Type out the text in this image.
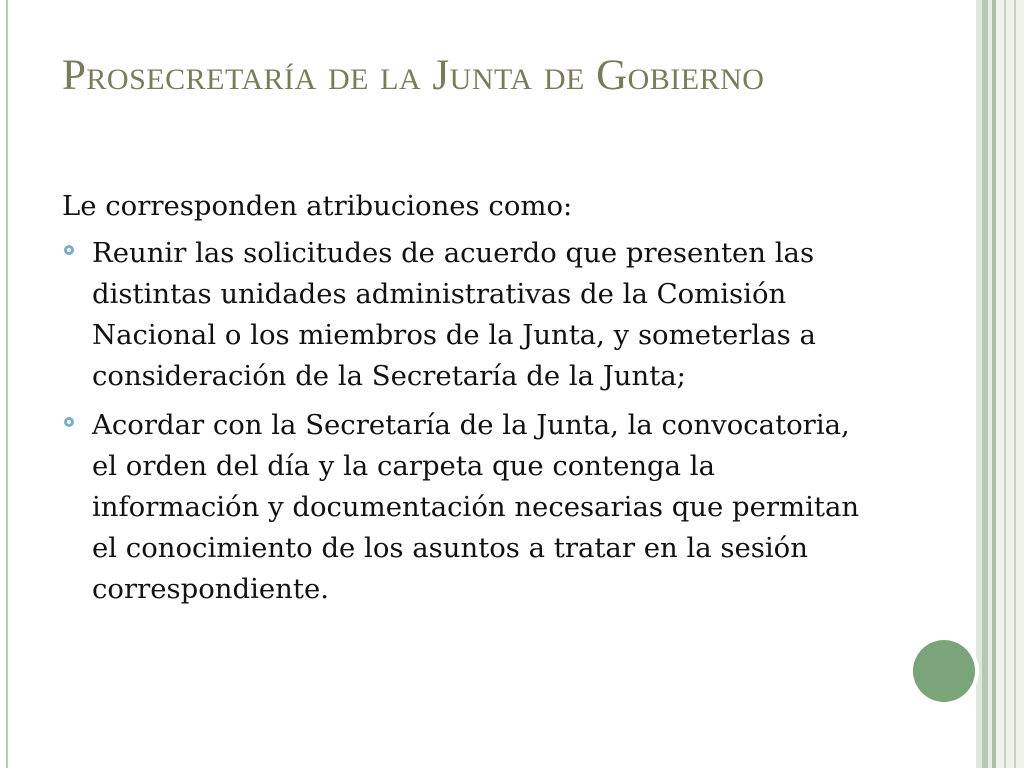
Prosecretaría de la Junta de Gobierno

Le corresponden atribuciones como:

Reunir las solicitudes de acuerdo que presenten las distintas unidades administrativas de la Comisión Nacional o los miembros de la Junta, y someterlas a consideración de la Secretaría de la Junta;
Acordar con la Secretaría de la Junta, la convocatoria, el orden del día y la carpeta que contenga la información y documentación necesarias que permitan el conocimiento de los asuntos a tratar en la sesión correspondiente.
